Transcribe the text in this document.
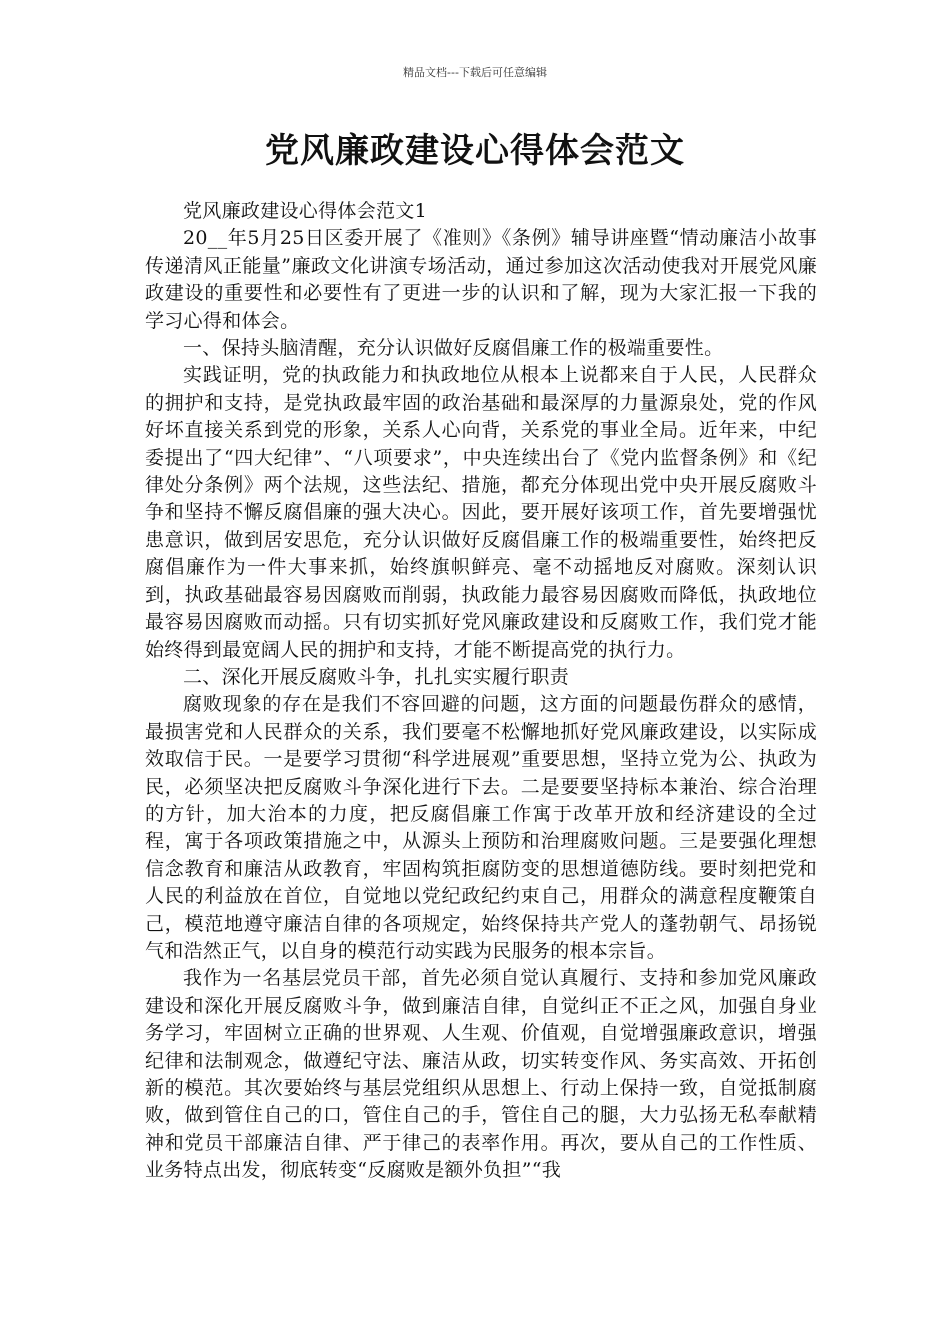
精品文档---下载后可任意编辑
党风廉政建设心得体会范文

党风廉政建设心得体会范文1

20__年5月25日区委开展了《准则》《条例》辅导讲座暨“情动廉洁小故事传递清风正能量”廉政文化讲演专场活动，通过参加这次活动使我对开展党风廉政建设的重要性和必要性有了更进一步的认识和了解，现为大家汇报一下我的学习心得和体会。

一、保持头脑清醒，充分认识做好反腐倡廉工作的极端重要性。

实践证明，党的执政能力和执政地位从根本上说都来自于人民，人民群众的拥护和支持，是党执政最牢固的政治基础和最深厚的力量源泉处，党的作风好坏直接关系到党的形象，关系人心向背，关系党的事业全局。近年来，中纪委提出了“四大纪律”、“八项要求”，中央连续出台了《党内监督条例》和《纪律处分条例》两个法规，这些法纪、措施，都充分体现出党中央开展反腐败斗争和坚持不懈反腐倡廉的强大决心。因此，要开展好该项工作，首先要增强忧患意识，做到居安思危，充分认识做好反腐倡廉工作的极端重要性，始终把反腐倡廉作为一件大事来抓，始终旗帜鲜亮、毫不动摇地反对腐败。深刻认识到，执政基础最容易因腐败而削弱，执政能力最容易因腐败而降低，执政地位最容易因腐败而动摇。只有切实抓好党风廉政建设和反腐败工作，我们党才能始终得到最宽阔人民的拥护和支持，才能不断提高党的执行力。

二、深化开展反腐败斗争，扎扎实实履行职责

腐败现象的存在是我们不容回避的问题，这方面的问题最伤群众的感情，最损害党和人民群众的关系，我们要毫不松懈地抓好党风廉政建设，以实际成效取信于民。一是要学习贯彻“科学进展观”重要思想，坚持立党为公、执政为民，必须坚决把反腐败斗争深化进行下去。二是要要坚持标本兼治、综合治理的方针，加大治本的力度，把反腐倡廉工作寓于改革开放和经济建设的全过程，寓于各项政策措施之中，从源头上预防和治理腐败问题。三是要强化理想信念教育和廉洁从政教育，牢固构筑拒腐防变的思想道德防线。要时刻把党和人民的利益放在首位，自觉地以党纪政纪约束自己，用群众的满意程度鞭策自己，模范地遵守廉洁自律的各项规定，始终保持共产党人的蓬勃朝气、昂扬锐气和浩然正气，以自身的模范行动实践为民服务的根本宗旨。

我作为一名基层党员干部，首先必须自觉认真履行、支持和参加党风廉政建设和深化开展反腐败斗争，做到廉洁自律，自觉纠正不正之风，加强自身业务学习，牢固树立正确的世界观、人生观、价值观，自觉增强廉政意识，增强纪律和法制观念，做遵纪守法、廉洁从政，切实转变作风、务实高效、开拓创新的模范。其次要始终与基层党组织从思想上、行动上保持一致，自觉抵制腐败，做到管住自己的口，管住自己的手，管住自己的腿，大力弘扬无私奉献精神和党员干部廉洁自律、严于律己的表率作用。再次，要从自己的工作性质、业务特点出发，彻底转变“反腐败是额外负担”“我
